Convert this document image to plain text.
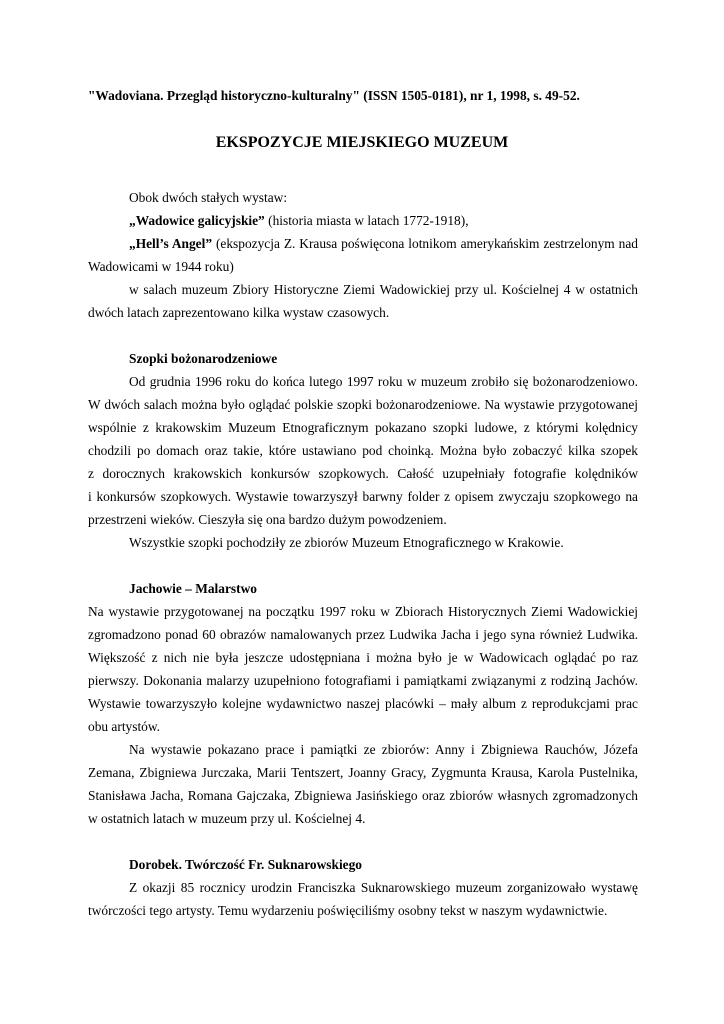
"Wadoviana. Przegląd historyczno-kulturalny" (ISSN 1505-0181), nr 1, 1998, s. 49-52.
EKSPOZYCJE MIEJSKIEGO MUZEUM
Obok dwóch stałych wystaw:
„Wadowice galicyjskie” (historia miasta w latach 1772-1918),
„Hell’s Angel” (ekspozycja Z. Krausa poświęcona lotnikom amerykańskim zestrzelonym nad
Wadowicami w 1944 roku)
w salach muzeum Zbiory Historyczne Ziemi Wadowickiej przy ul. Kościelnej 4 w ostatnich
dwóch latach zaprezentowano kilka wystaw czasowych.
Szopki bożonarodzeniowe
Od grudnia 1996 roku do końca lutego 1997 roku w muzeum zrobiło się bożonarodzeniowo.
W dwóch salach można było oglądać polskie szopki bożonarodzeniowe. Na wystawie przygotowanej
wspólnie z krakowskim Muzeum Etnograficznym pokazano szopki ludowe, z którymi kolędnicy
chodzili po domach oraz takie, które ustawiano pod choinką. Można było zobaczyć kilka szopek
z dorocznych krakowskich konkursów szopkowych. Całość uzupełniały fotografie kolędników
i konkursów szopkowych. Wystawie towarzyszył barwny folder z opisem zwyczaju szopkowego na
przestrzeni wieków. Cieszyła się ona bardzo dużym powodzeniem.
Wszystkie szopki pochodziły ze zbiorów Muzeum Etnograficznego w Krakowie.
Jachowie – Malarstwo
Na wystawie przygotowanej na początku 1997 roku w Zbiorach Historycznych Ziemi Wadowickiej
zgromadzono ponad 60 obrazów namalowanych przez Ludwika Jacha i jego syna również Ludwika.
Większość z nich nie była jeszcze udostępniana i można było je w Wadowicach oglądać po raz
pierwszy. Dokonania malarzy uzupełniono fotografiami i pamiątkami związanymi z rodziną Jachów.
Wystawie towarzyszyło kolejne wydawnictwo naszej placówki – mały album z reprodukcjami prac
obu artystów.
Na wystawie pokazano prace i pamiątki ze zbiorów: Anny i Zbigniewa Rauchów, Józefa
Zemana, Zbigniewa Jurczaka, Marii Tentszert, Joanny Gracy, Zygmunta Krausa, Karola Pustelnika,
Stanisława Jacha, Romana Gajczaka, Zbigniewa Jasińskiego oraz zbiorów własnych zgromadzonych
w ostatnich latach w muzeum przy ul. Kościelnej 4.
Dorobek. Twórczość Fr. Suknarowskiego
Z okazji 85 rocznicy urodzin Franciszka Suknarowskiego muzeum zorganizowało wystawę
twórczości tego artysty. Temu wydarzeniu poświęciliśmy osobny tekst w naszym wydawnictwie.
